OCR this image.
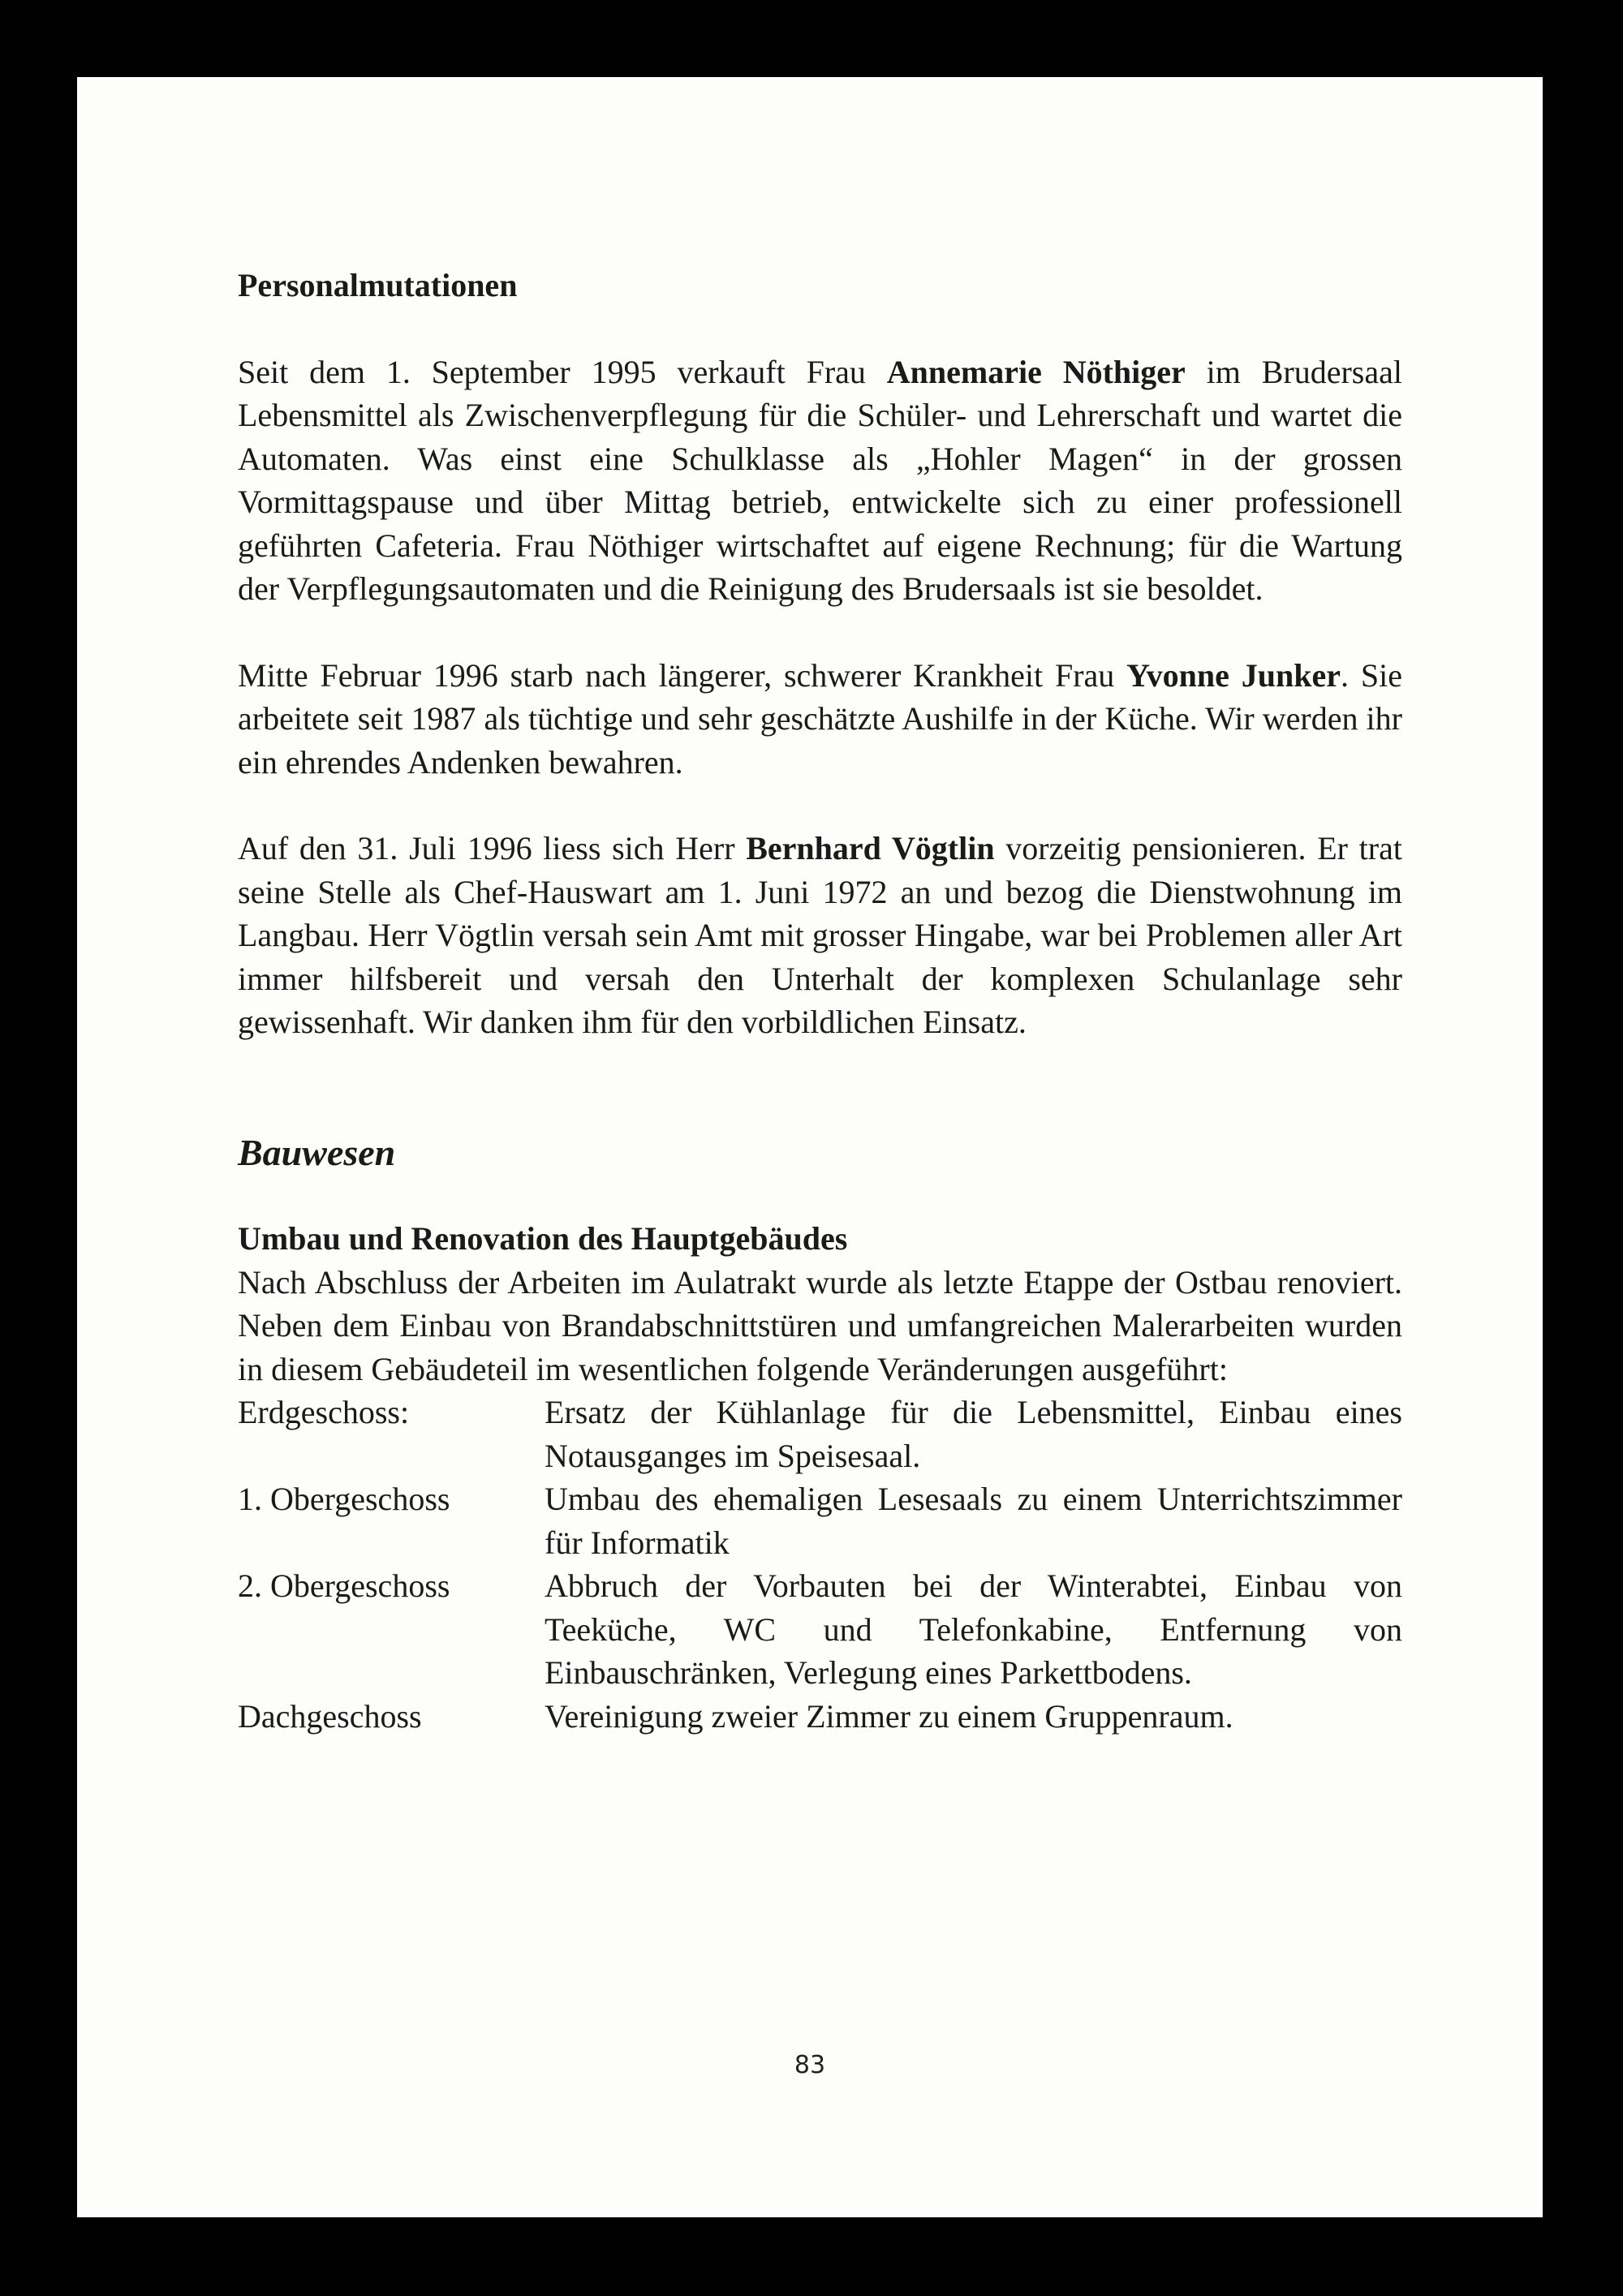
Personalmutationen

Seit dem 1. September 1995 verkauft Frau Annemarie Nöthiger im Brudersaal Lebensmittel als Zwischenverpflegung für die Schüler- und Lehrerschaft und wartet die Automaten. Was einst eine Schulklasse als „Hohler Magen“ in der grossen Vormittagspause und über Mittag betrieb, entwickelte sich zu einer professionell geführten Cafeteria. Frau Nöthiger wirtschaftet auf eigene Rechnung; für die Wartung der Verpflegungsautomaten und die Reinigung des Brudersaals ist sie besoldet.

Mitte Februar 1996 starb nach längerer, schwerer Krankheit Frau Yvonne Junker. Sie arbeitete seit 1987 als tüchtige und sehr geschätzte Aushilfe in der Küche. Wir werden ihr ein ehrendes Andenken bewahren.

Auf den 31. Juli 1996 liess sich Herr Bernhard Vögtlin vorzeitig pensionieren. Er trat seine Stelle als Chef-Hauswart am 1. Juni 1972 an und bezog die Dienstwohnung im Langbau. Herr Vögtlin versah sein Amt mit grosser Hingabe, war bei Problemen aller Art immer hilfsbereit und versah den Unterhalt der komplexen Schulanlage sehr gewissenhaft. Wir danken ihm für den vorbildlichen Einsatz.

Bauwesen
Umbau und Renovation des Hauptgebäudes

Nach Abschluss der Arbeiten im Aulatrakt wurde als letzte Etappe der Ostbau renoviert. Neben dem Einbau von Brandabschnittstüren und umfangreichen Malerarbeiten wurden in diesem Gebäudeteil im wesentlichen folgende Veränderungen ausgeführt:

Erdgeschoss:	Ersatz der Kühlanlage für die Lebensmittel, Einbau eines Notausganges im Speisesaal.
1. Obergeschoss	Umbau des ehemaligen Lesesaals zu einem Unterrichtszimmer für Informatik
2. Obergeschoss	Abbruch der Vorbauten bei der Winterabtei, Einbau von Teeküche, WC und Telefonkabine, Entfernung von Einbauschränken, Verlegung eines Parkettbodens.
Dachgeschoss	Vereinigung zweier Zimmer zu einem Gruppenraum.
83
